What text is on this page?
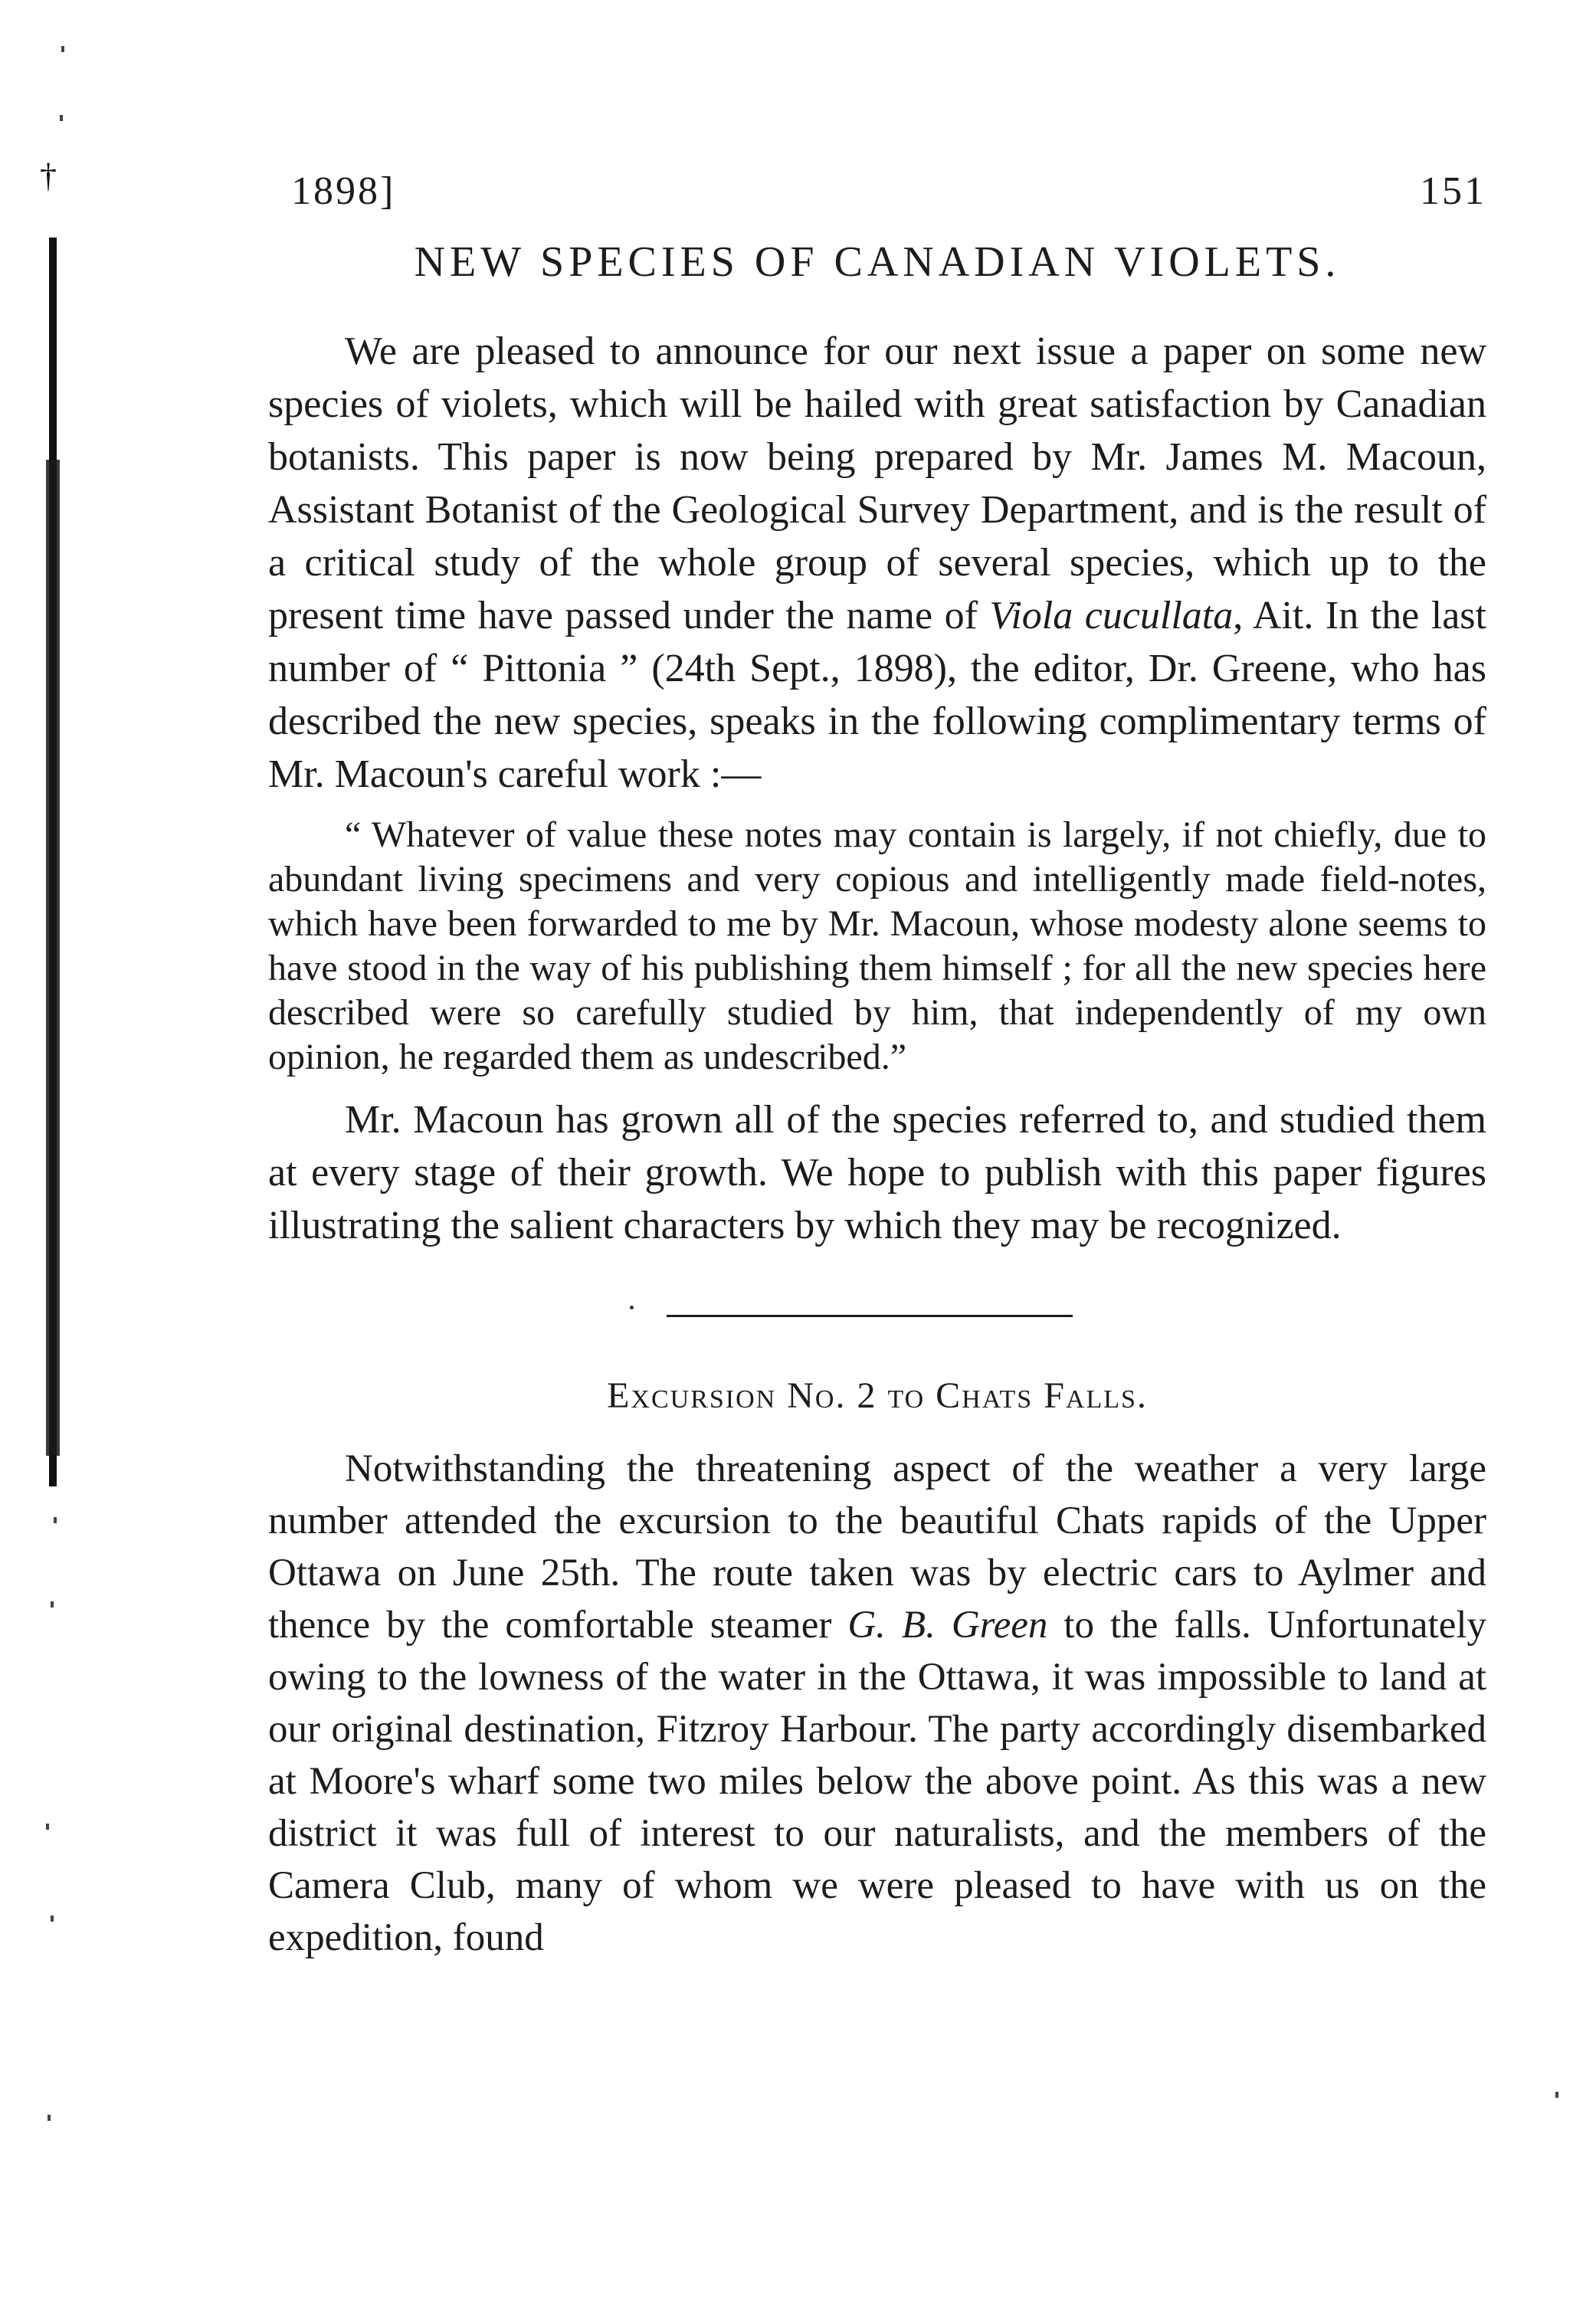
†	1898]	151
NEW SPECIES OF CANADIAN VIOLETS.

We are pleased to announce for our next issue a paper on some new species of violets, which will be hailed with great satisfaction by Canadian botanists. This paper is now being prepared by Mr. James M. Macoun, Assistant Botanist of the Geological Survey Department, and is the result of a critical study of the whole group of several species, which up to the present time have passed under the name of Viola cucullata, Ait. In the last number of “ Pittonia ” (24th Sept., 1898), the editor, Dr. Greene, who has described the new species, speaks in the following complimentary terms of Mr. Macoun's careful work :—

“ Whatever of value these notes may contain is largely, if not chiefly, due to abundant living specimens and very copious and intelligently made field-notes, which have been forwarded to me by Mr. Macoun, whose modesty alone seems to have stood in the way of his publishing them himself ; for all the new species here described were so carefully studied by him, that independently of my own opinion, he regarded them as undescribed.”

Mr. Macoun has grown all of the species referred to, and studied them at every stage of their growth. We hope to publish with this paper figures illustrating the salient characters by which they may be recognized.

Excursion No. 2 to Chats Falls.

Notwithstanding the threatening aspect of the weather a very large number attended the excursion to the beautiful Chats rapids of the Upper Ottawa on June 25th. The route taken was by electric cars to Aylmer and thence by the comfortable steamer G. B. Green to the falls. Unfortunately owing to the lowness of the water in the Ottawa, it was impossible to land at our original destination, Fitzroy Harbour. The party accordingly disembarked at Moore's wharf some two miles below the above point. As this was a new district it was full of interest to our naturalists, and the members of the Camera Club, many of whom we were pleased to have with us on the expedition, found
